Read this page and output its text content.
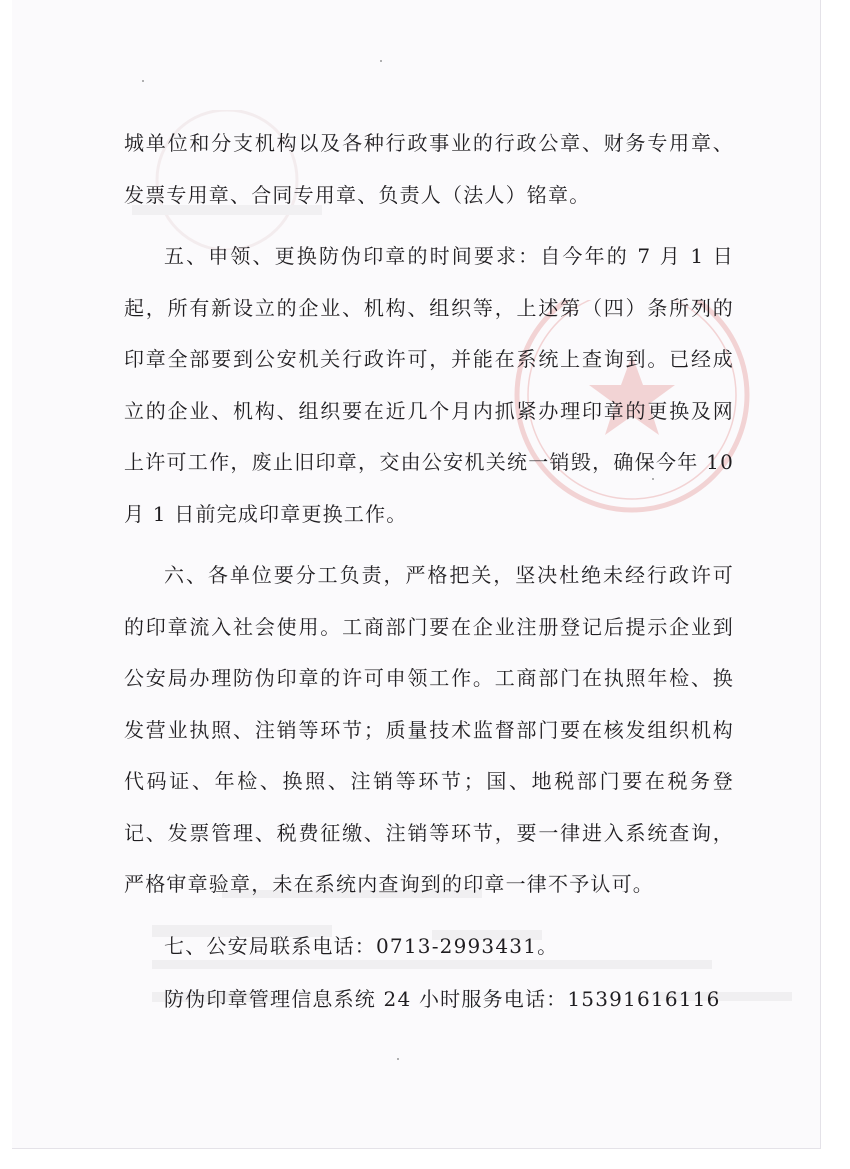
城单位和分支机构以及各种行政事业的行政公章、财务专用章、发票专用章、合同专用章、负责人（法人）铭章。

五、申领、更换防伪印章的时间要求：自今年的 7 月 1 日起，所有新设立的企业、机构、组织等，上述第（四）条所列的印章全部要到公安机关行政许可，并能在系统上查询到。已经成立的企业、机构、组织要在近几个月内抓紧办理印章的更换及网上许可工作，废止旧印章，交由公安机关统一销毁，确保今年 10 月 1 日前完成印章更换工作。

六、各单位要分工负责，严格把关，坚决杜绝未经行政许可的印章流入社会使用。工商部门要在企业注册登记后提示企业到公安局办理防伪印章的许可申领工作。工商部门在执照年检、换发营业执照、注销等环节；质量技术监督部门要在核发组织机构代码证、年检、换照、注销等环节；国、地税部门要在税务登记、发票管理、税费征缴、注销等环节，要一律进入系统查询，严格审章验章，未在系统内查询到的印章一律不予认可。

七、公安局联系电话：0713-2993431。

防伪印章管理信息系统 24 小时服务电话：15391616116
